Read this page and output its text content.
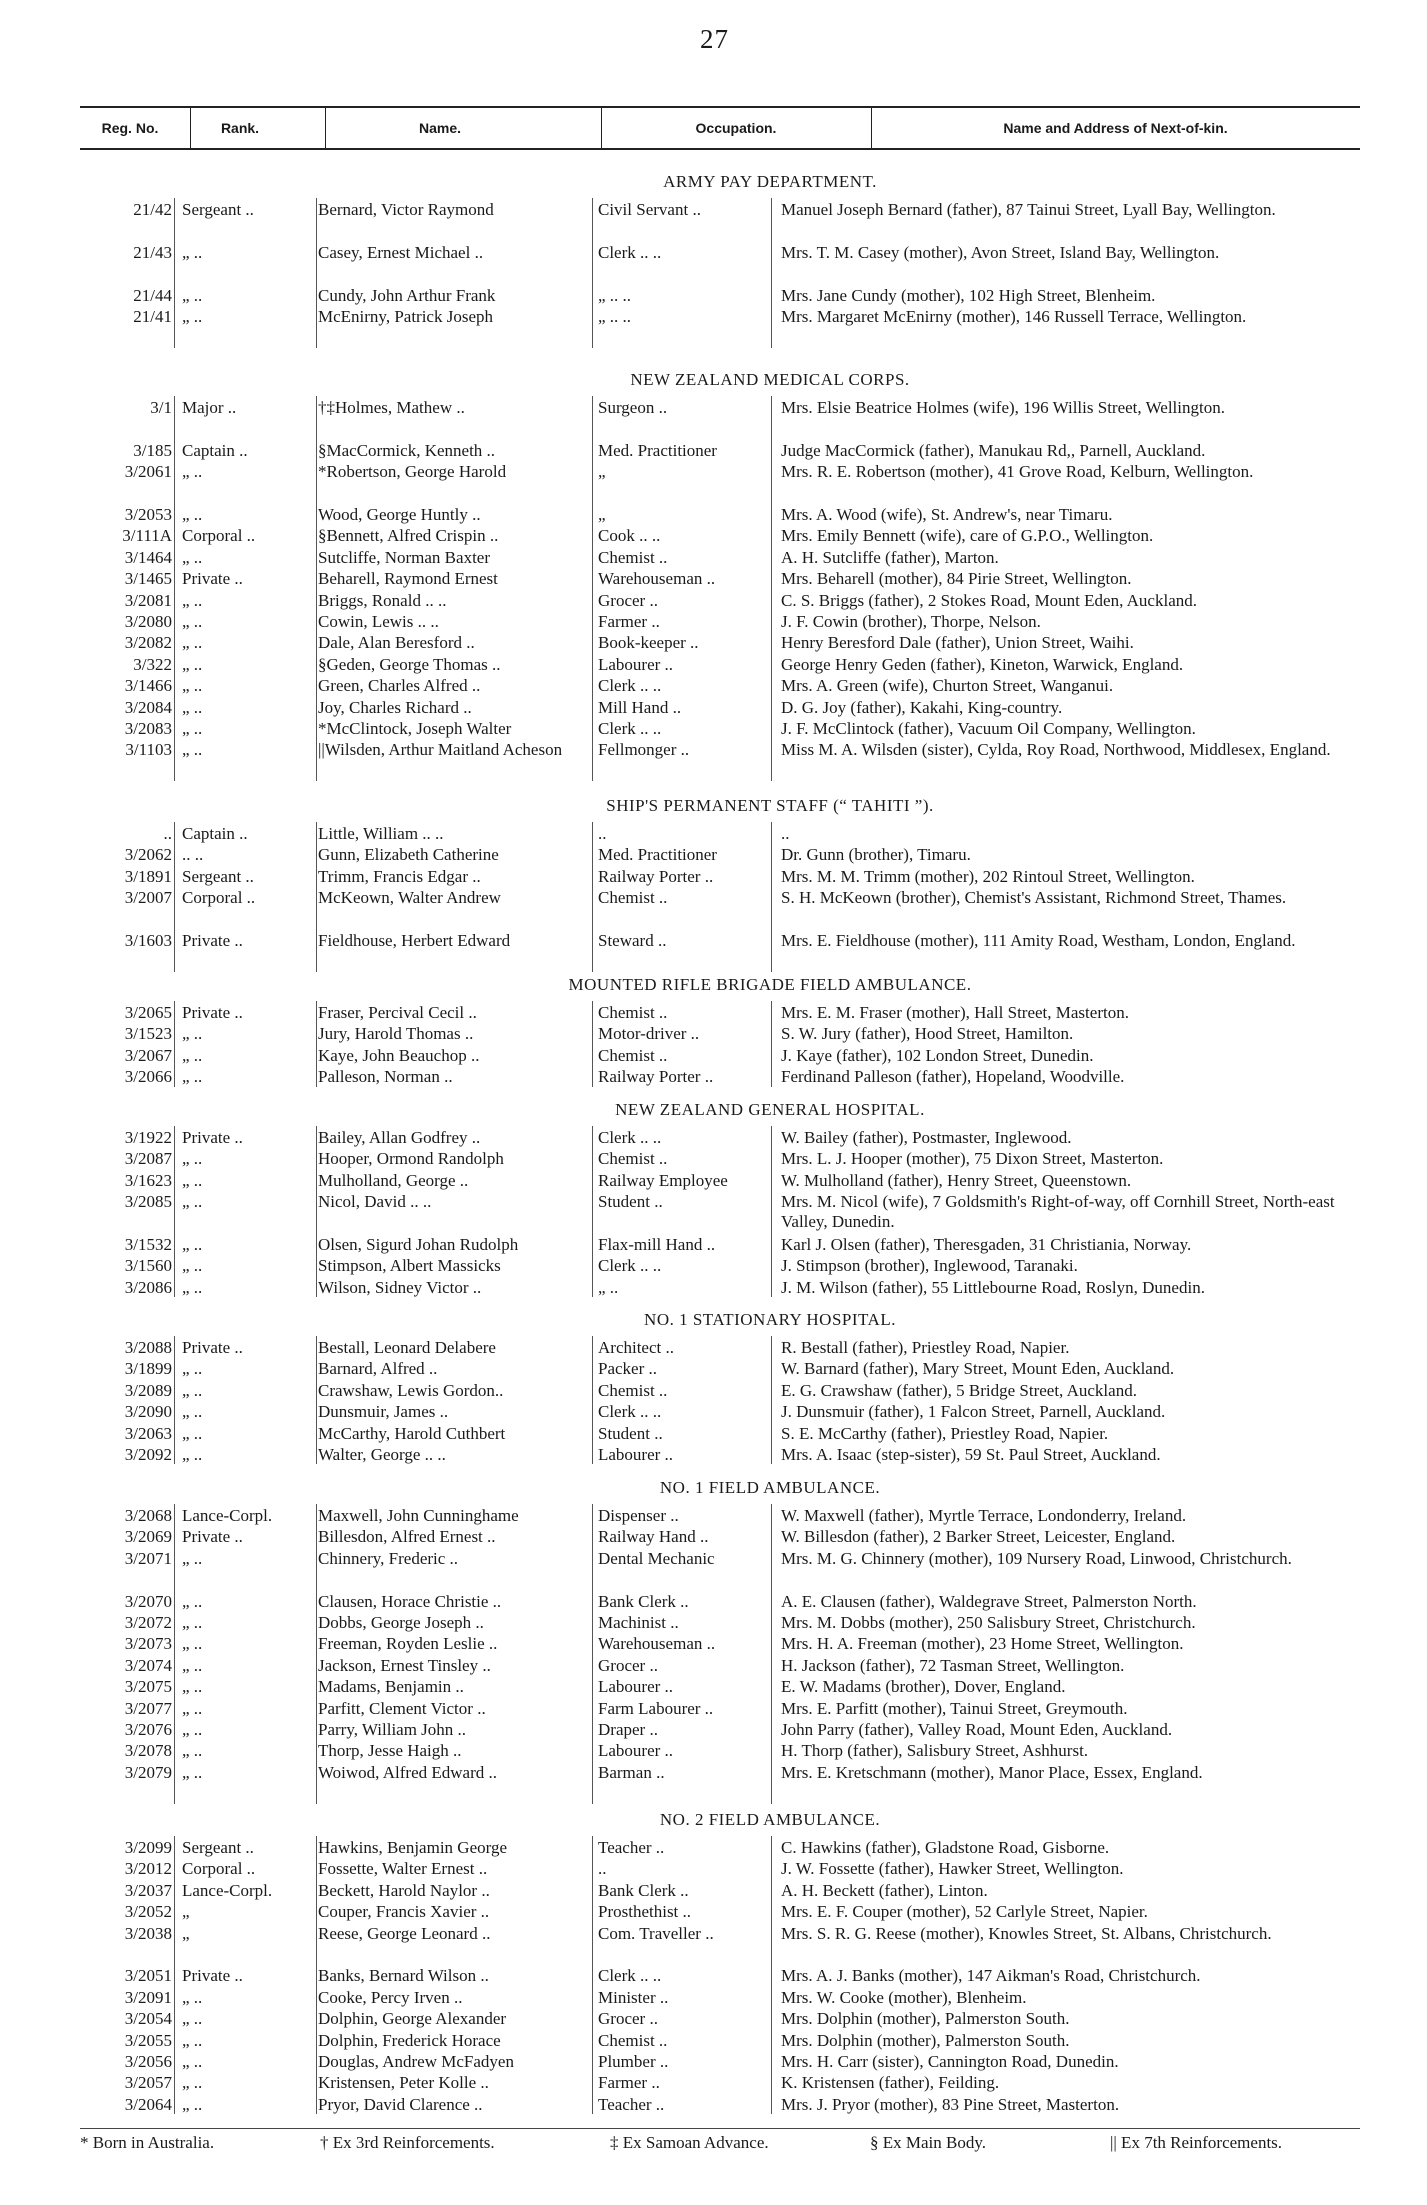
27
Reg. No.	Rank.	Name.	Occupation.	Name and Address of Next-of-kin.
ARMY PAY DEPARTMENT.
21/42 Sergeant ..	Bernard, Victor Raymond	Civil Servant ..	Manuel Joseph Bernard (father), 87 Tainui Street, Lyall Bay, Wellington.
21/43 „ ..	Casey, Ernest Michael ..	Clerk .. ..	Mrs. T. M. Casey (mother), Avon Street, Island Bay, Wellington.
21/44 „ ..	Cundy, John Arthur Frank	„ .. ..	Mrs. Jane Cundy (mother), 102 High Street, Blenheim.
21/41 „ ..	McEnirny, Patrick Joseph	„ .. ..	Mrs. Margaret McEnirny (mother), 146 Russell Terrace, Wellington.
NEW ZEALAND MEDICAL CORPS.
3/1 Major ..	†‡Holmes, Mathew ..	Surgeon ..	Mrs. Elsie Beatrice Holmes (wife), 196 Willis Street, Wellington.
3/185 Captain ..	§MacCormick, Kenneth ..	Med. Practitioner	Judge MacCormick (father), Manukau Rd,, Parnell, Auckland.
3/2061 „ ..	*Robertson, George Harold	„	Mrs. R. E. Robertson (mother), 41 Grove Road, Kelburn, Wellington.
3/2053 „ ..	Wood, George Huntly ..	„	Mrs. A. Wood (wife), St. Andrew's, near Timaru.
3/111A Corporal ..	§Bennett, Alfred Crispin ..	Cook .. ..	Mrs. Emily Bennett (wife), care of G.P.O., Wellington.
3/1464 „ ..	Sutcliffe, Norman Baxter	Chemist ..	A. H. Sutcliffe (father), Marton.
3/1465 Private ..	Beharell, Raymond Ernest	Warehouseman ..	Mrs. Beharell (mother), 84 Pirie Street, Wellington.
3/2081 „ ..	Briggs, Ronald .. ..	Grocer ..	C. S. Briggs (father), 2 Stokes Road, Mount Eden, Auckland.
3/2080 „ ..	Cowin, Lewis .. ..	Farmer ..	J. F. Cowin (brother), Thorpe, Nelson.
3/2082 „ ..	Dale, Alan Beresford ..	Book-keeper ..	Henry Beresford Dale (father), Union Street, Waihi.
3/322 „ ..	§Geden, George Thomas ..	Labourer ..	George Henry Geden (father), Kineton, Warwick, England.
3/1466 „ ..	Green, Charles Alfred ..	Clerk .. ..	Mrs. A. Green (wife), Churton Street, Wanganui.
3/2084 „ ..	Joy, Charles Richard ..	Mill Hand ..	D. G. Joy (father), Kakahi, King-country.
3/2083 „ ..	*McClintock, Joseph Walter	Clerk .. ..	J. F. McClintock (father), Vacuum Oil Company, Wellington.
3/1103 „ ..	||Wilsden, Arthur Maitland Acheson	Fellmonger ..	Miss M. A. Wilsden (sister), Cylda, Roy Road, Northwood, Middlesex, England.
SHIP'S PERMANENT STAFF (“ TAHITI ”).
.. Captain ..	Little, William .. ..	..	..
3/2062 .. ..	Gunn, Elizabeth Catherine	Med. Practitioner	Dr. Gunn (brother), Timaru.
3/1891 Sergeant ..	Trimm, Francis Edgar ..	Railway Porter ..	Mrs. M. M. Trimm (mother), 202 Rintoul Street, Wellington.
3/2007 Corporal ..	McKeown, Walter Andrew	Chemist ..	S. H. McKeown (brother), Chemist's Assistant, Richmond Street, Thames.
3/1603 Private ..	Fieldhouse, Herbert Edward	Steward ..	Mrs. E. Fieldhouse (mother), 111 Amity Road, Westham, London, England.
MOUNTED RIFLE BRIGADE FIELD AMBULANCE.
3/2065 Private ..	Fraser, Percival Cecil ..	Chemist ..	Mrs. E. M. Fraser (mother), Hall Street, Masterton.
3/1523 „ ..	Jury, Harold Thomas ..	Motor-driver ..	S. W. Jury (father), Hood Street, Hamilton.
3/2067 „ ..	Kaye, John Beauchop ..	Chemist ..	J. Kaye (father), 102 London Street, Dunedin.
3/2066 „ ..	Palleson, Norman ..	Railway Porter ..	Ferdinand Palleson (father), Hopeland, Woodville.
NEW ZEALAND GENERAL HOSPITAL.
3/1922 Private ..	Bailey, Allan Godfrey ..	Clerk .. ..	W. Bailey (father), Postmaster, Inglewood.
3/2087 „ ..	Hooper, Ormond Randolph	Chemist ..	Mrs. L. J. Hooper (mother), 75 Dixon Street, Masterton.
3/1623 „ ..	Mulholland, George ..	Railway Employee	W. Mulholland (father), Henry Street, Queenstown.
3/2085 „ ..	Nicol, David .. ..	Student ..	Mrs. M. Nicol (wife), 7 Goldsmith's Right-of-way, off Cornhill Street, North-east Valley, Dunedin.
3/1532 „ ..	Olsen, Sigurd Johan Rudolph	Flax-mill Hand ..	Karl J. Olsen (father), Theresgaden, 31 Christiania, Norway.
3/1560 „ ..	Stimpson, Albert Massicks	Clerk .. ..	J. Stimpson (brother), Inglewood, Taranaki.
3/2086 „ ..	Wilson, Sidney Victor ..	„ ..	J. M. Wilson (father), 55 Littlebourne Road, Roslyn, Dunedin.
NO. 1 STATIONARY HOSPITAL.
3/2088 Private ..	Bestall, Leonard Delabere	Architect ..	R. Bestall (father), Priestley Road, Napier.
3/1899 „ ..	Barnard, Alfred ..	Packer ..	W. Barnard (father), Mary Street, Mount Eden, Auckland.
3/2089 „ ..	Crawshaw, Lewis Gordon..	Chemist ..	E. G. Crawshaw (father), 5 Bridge Street, Auckland.
3/2090 „ ..	Dunsmuir, James ..	Clerk .. ..	J. Dunsmuir (father), 1 Falcon Street, Parnell, Auckland.
3/2063 „ ..	McCarthy, Harold Cuthbert	Student ..	S. E. McCarthy (father), Priestley Road, Napier.
3/2092 „ ..	Walter, George .. ..	Labourer ..	Mrs. A. Isaac (step-sister), 59 St. Paul Street, Auckland.
NO. 1 FIELD AMBULANCE.
3/2068 Lance-Corpl.	Maxwell, John Cunninghame	Dispenser ..	W. Maxwell (father), Myrtle Terrace, Londonderry, Ireland.
3/2069 Private ..	Billesdon, Alfred Ernest ..	Railway Hand ..	W. Billesdon (father), 2 Barker Street, Leicester, England.
3/2071 „ ..	Chinnery, Frederic ..	Dental Mechanic	Mrs. M. G. Chinnery (mother), 109 Nursery Road, Linwood, Christchurch.
3/2070 „ ..	Clausen, Horace Christie ..	Bank Clerk ..	A. E. Clausen (father), Waldegrave Street, Palmerston North.
3/2072 „ ..	Dobbs, George Joseph ..	Machinist ..	Mrs. M. Dobbs (mother), 250 Salisbury Street, Christchurch.
3/2073 „ ..	Freeman, Royden Leslie ..	Warehouseman ..	Mrs. H. A. Freeman (mother), 23 Home Street, Wellington.
3/2074 „ ..	Jackson, Ernest Tinsley ..	Grocer ..	H. Jackson (father), 72 Tasman Street, Wellington.
3/2075 „ ..	Madams, Benjamin ..	Labourer ..	E. W. Madams (brother), Dover, England.
3/2077 „ ..	Parfitt, Clement Victor ..	Farm Labourer ..	Mrs. E. Parfitt (mother), Tainui Street, Greymouth.
3/2076 „ ..	Parry, William John ..	Draper ..	John Parry (father), Valley Road, Mount Eden, Auckland.
3/2078 „ ..	Thorp, Jesse Haigh ..	Labourer ..	H. Thorp (father), Salisbury Street, Ashhurst.
3/2079 „ ..	Woiwod, Alfred Edward ..	Barman ..	Mrs. E. Kretschmann (mother), Manor Place, Essex, England.
NO. 2 FIELD AMBULANCE.
3/2099 Sergeant ..	Hawkins, Benjamin George	Teacher ..	C. Hawkins (father), Gladstone Road, Gisborne.
3/2012 Corporal ..	Fossette, Walter Ernest ..	..	J. W. Fossette (father), Hawker Street, Wellington.
3/2037 Lance-Corpl.	Beckett, Harold Naylor ..	Bank Clerk ..	A. H. Beckett (father), Linton.
3/2052 „	Couper, Francis Xavier ..	Prosthethist ..	Mrs. E. F. Couper (mother), 52 Carlyle Street, Napier.
3/2038 „	Reese, George Leonard ..	Com. Traveller ..	Mrs. S. R. G. Reese (mother), Knowles Street, St. Albans, Christchurch.
3/2051 Private ..	Banks, Bernard Wilson ..	Clerk .. ..	Mrs. A. J. Banks (mother), 147 Aikman's Road, Christchurch.
3/2091 „ ..	Cooke, Percy Irven ..	Minister ..	Mrs. W. Cooke (mother), Blenheim.
3/2054 „ ..	Dolphin, George Alexander	Grocer ..	Mrs. Dolphin (mother), Palmerston South.
3/2055 „ ..	Dolphin, Frederick Horace	Chemist ..	Mrs. Dolphin (mother), Palmerston South.
3/2056 „ ..	Douglas, Andrew McFadyen	Plumber ..	Mrs. H. Carr (sister), Cannington Road, Dunedin.
3/2057 „ ..	Kristensen, Peter Kolle ..	Farmer ..	K. Kristensen (father), Feilding.
3/2064 „ ..	Pryor, David Clarence ..	Teacher ..	Mrs. J. Pryor (mother), 83 Pine Street, Masterton.
* Born in Australia.	† Ex 3rd Reinforcements.	‡ Ex Samoan Advance.	§ Ex Main Body.	|| Ex 7th Reinforcements.
